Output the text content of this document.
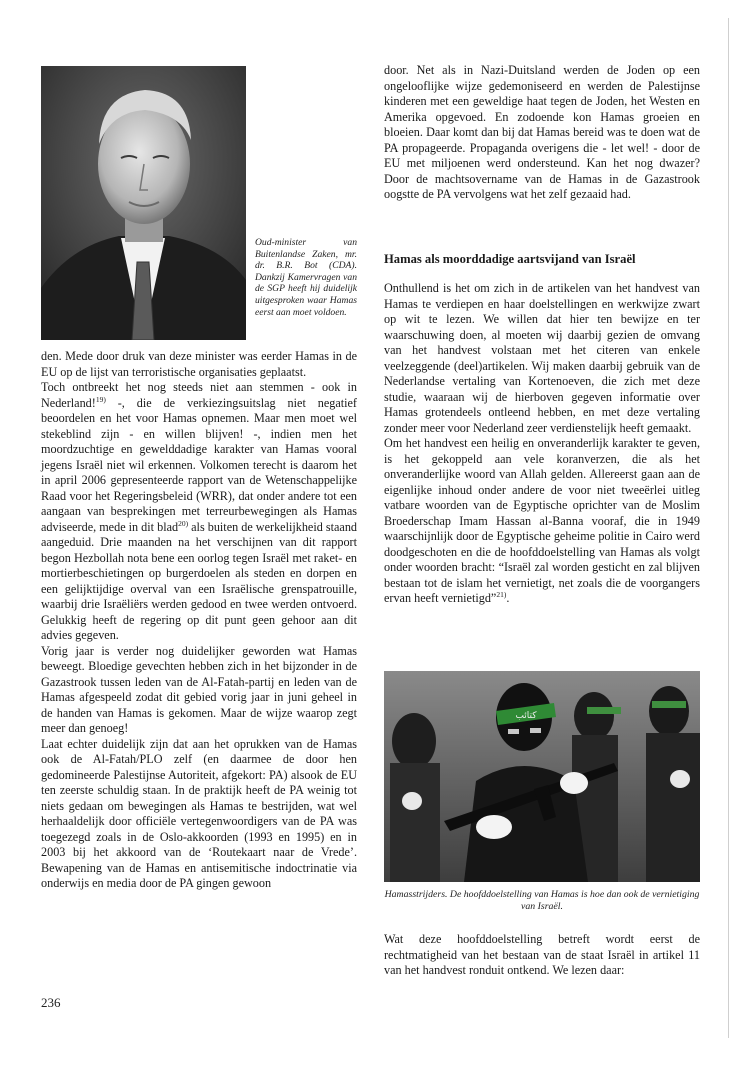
Oud-minister van Buitenlandse Zaken, mr. dr. B.R. Bot (CDA). Dankzij Kamervragen van de SGP heeft hij duidelijk uitgesproken waar Hamas eerst aan moet voldoen.

den. Mede door druk van deze minister was eerder Hamas in de EU op de lijst van terroristische organisaties geplaatst.

Toch ontbreekt het nog steeds niet aan stemmen - ook in Nederland!$^{19)}$ -, die de verkiezingsuitslag niet negatief beoordelen en het voor Hamas opnemen. Maar men moet wel stekeblind zijn - en willen blijven! -, indien men het moordzuchtige en gewelddadige karakter van Hamas vooral jegens Israël niet wil erkennen. Volkomen terecht is daarom het in april 2006 gepresenteerde rapport van de Wetenschappelijke Raad voor het Regeringsbeleid (WRR), dat onder andere tot een aangaan van besprekingen met terreurbewegingen als Hamas adviseerde, mede in dit blad$^{20)}$ als buiten de werkelijkheid staand aangeduid. Drie maanden na het verschijnen van dit rapport begon Hezbollah nota bene een oorlog tegen Israël met raket- en mortierbeschietingen op burgerdoelen als steden en dorpen en een gelijktijdige overval van een Israëlische grenspatrouille, waarbij drie Israëliërs werden gedood en twee werden ontvoerd. Gelukkig heeft de regering op dit punt geen gehoor aan dit advies gegeven.

Vorig jaar is verder nog duidelijker geworden wat Hamas beweegt. Bloedige gevechten hebben zich in het bijzonder in de Gazastrook tussen leden van de Al-Fatah-partij en leden van de Hamas afgespeeld zodat dit gebied vorig jaar in juni geheel in de handen van Hamas is gekomen. Maar de wijze waarop zegt meer dan genoeg!

Laat echter duidelijk zijn dat aan het oprukken van de Hamas ook de Al-Fatah/PLO zelf (en daarmee de door hen gedomineerde Palestijnse Autoriteit, afgekort: PA) alsook de EU ten zeerste schuldig staan. In de praktijk heeft de PA weinig tot niets gedaan om bewegingen als Hamas te bestrijden, wat wel herhaaldelijk door officiële vertegenwoordigers van de PA was toegezegd zoals in de Oslo-akkoorden (1993 en 1995) en in 2003 bij het akkoord van de ‘Routekaart naar de Vrede’. Bewapening van de Hamas en antisemitische indoctrinatie via onderwijs en media door de PA gingen gewoon

door. Net als in Nazi-Duitsland werden de Joden op een ongelooflijke wijze gedemoniseerd en werden de Palestijnse kinderen met een geweldige haat tegen de Joden, het Westen en Amerika opgevoed. En zodoende kon Hamas groeien en bloeien. Daar komt dan bij dat Hamas bereid was te doen wat de PA propageerde. Propaganda overigens die - let wel! - door de EU met miljoenen werd ondersteund. Kan het nog dwazer? Door de machtsovername van de Hamas in de Gazastrook oogstte de PA vervolgens wat het zelf gezaaid had.

Hamas als moorddadige aartsvijand van Israël

Onthullend is het om zich in de artikelen van het handvest van Hamas te verdiepen en haar doelstellingen en werkwijze zwart op wit te lezen. We willen dat hier ten bewijze en ter waarschuwing doen, al moeten wij daarbij gezien de omvang van het handvest volstaan met het citeren van enkele veelzeggende (deel)artikelen. Wij maken daarbij gebruik van de Nederlandse vertaling van Kortenoeven, die zich met deze studie, waaraan wij de hierboven gegeven informatie over Hamas grotendeels ontleend hebben, en met deze vertaling zonder meer voor Nederland zeer verdienstelijk heeft gemaakt.

Om het handvest een heilig en onveranderlijk karakter te geven, is het gekoppeld aan vele koranverzen, die als het onveranderlijke woord van Allah gelden. Allereerst gaan aan de eigenlijke inhoud onder andere de voor niet tweeërlei uitleg vatbare woorden van de Egyptische oprichter van de Moslim Broederschap Imam Hassan al-Banna vooraf, die in 1949 waarschijnlijk door de Egyptische geheime politie in Cairo werd doodgeschoten en die de hoofddoelstelling van Hamas als volgt onder woorden bracht: “Israël zal worden gesticht en zal blijven bestaan tot de islam het vernietigt, net zoals die de voorgangers ervan heeft vernietigd”$^{21)}$.

كتائب
Hamasstrijders. De hoofddoelstelling van Hamas is hoe dan ook de vernietiging van Israël.

Wat deze hoofddoelstelling betreft wordt eerst de rechtmatigheid van het bestaan van de staat Israël in artikel 11 van het handvest ronduit ontkend. We lezen daar:

236
